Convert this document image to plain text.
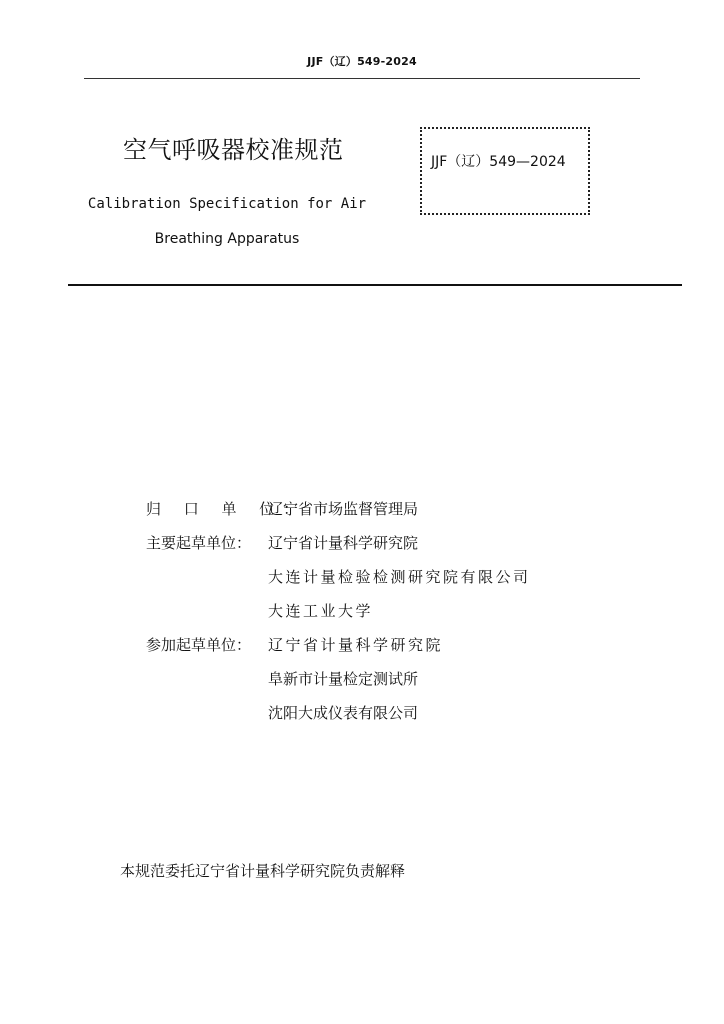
JJF（辽）549-2024
空气呼吸器校准规范	JJF（辽）549—2024
Calibration Specification for Air
Breathing Apparatus
归 口 单 位：
辽宁省市场监督管理局
主要起草单位：	辽宁省计量科学研究院
大连计量检验检测研究院有限公司
大连工业大学
参加起草单位：	辽宁省计量科学研究院
阜新市计量检定测试所
沈阳大成仪表有限公司
本规范委托辽宁省计量科学研究院负责解释
